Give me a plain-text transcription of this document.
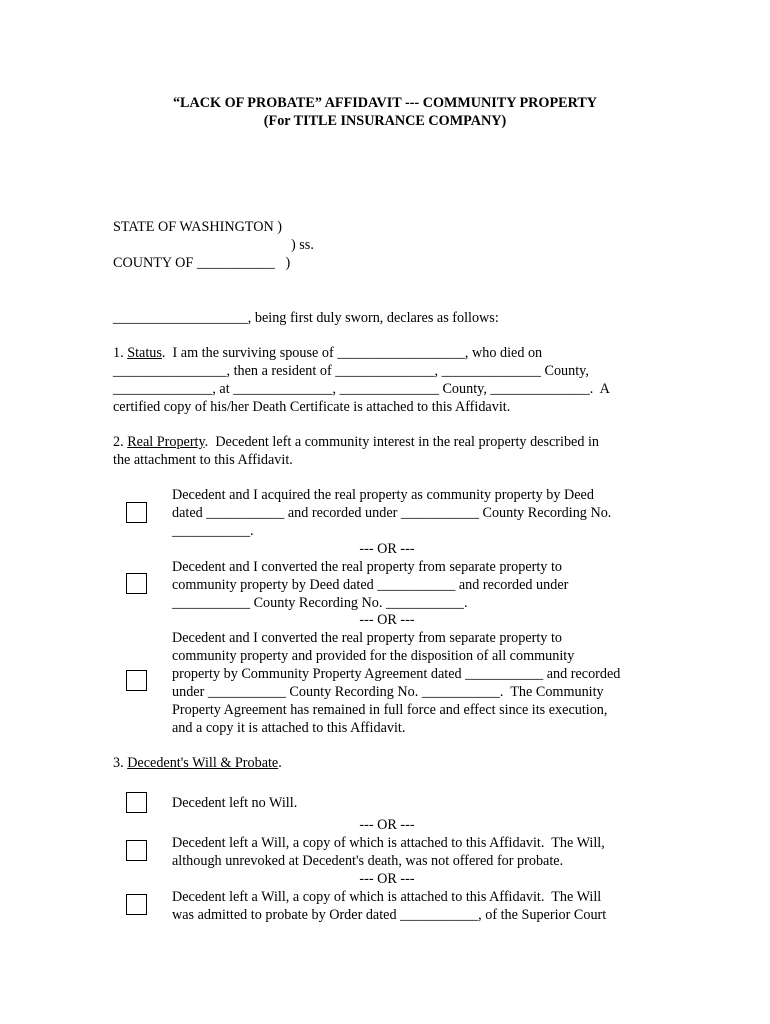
“LACK OF PROBATE” AFFIDAVIT --- COMMUNITY PROPERTY
(For TITLE INSURANCE COMPANY)
STATE OF WASHINGTON )
) ss.
COUNTY OF ___________   )
___________________, being first duly sworn, declares as follows:
1. Status.  I am the surviving spouse of __________________, who died on
________________, then a resident of ______________, ______________ County,
______________, at ______________, ______________ County, ______________.  A
certified copy of his/her Death Certificate is attached to this Affidavit.
2. Real Property.  Decedent left a community interest in the real property described in
the attachment to this Affidavit.
Decedent and I acquired the real property as community property by Deed
dated ___________ and recorded under ___________ County Recording No.
___________.
--- OR ---
Decedent and I converted the real property from separate property to
community property by Deed dated ___________ and recorded under
___________ County Recording No. ___________.
--- OR ---
Decedent and I converted the real property from separate property to
community property and provided for the disposition of all community
property by Community Property Agreement dated ___________ and recorded
under ___________ County Recording No. ___________.  The Community
Property Agreement has remained in full force and effect since its execution,
and a copy it is attached to this Affidavit.
3. Decedent's Will & Probate.
Decedent left no Will.
--- OR ---
Decedent left a Will, a copy of which is attached to this Affidavit.  The Will,
although unrevoked at Decedent's death, was not offered for probate.
--- OR ---
Decedent left a Will, a copy of which is attached to this Affidavit.  The Will
was admitted to probate by Order dated ___________, of the Superior Court
